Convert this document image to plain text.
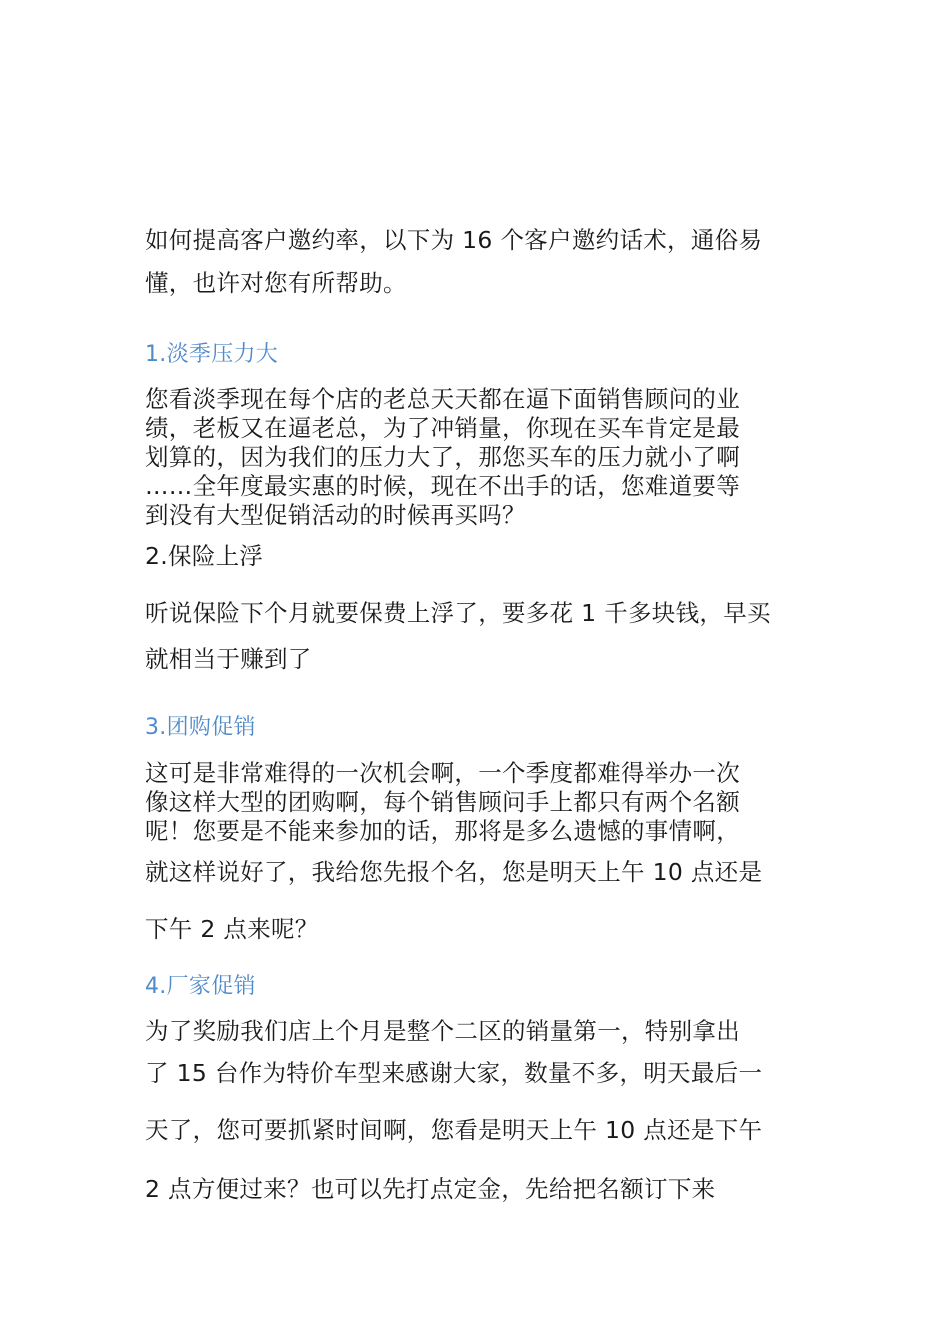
如何提高客户邀约率，以下为 16 个客户邀约话术，通俗易

懂，也许对您有所帮助。

1.淡季压力大

您看淡季现在每个店的老总天天都在逼下面销售顾问的业

绩，老板又在逼老总，为了冲销量，你现在买车肯定是最

划算的，因为我们的压力大了，那您买车的压力就小了啊

……全年度最实惠的时候，现在不出手的话，您难道要等

到没有大型促销活动的时候再买吗？

2.保险上浮

听说保险下个月就要保费上浮了，要多花 1 千多块钱，早买

就相当于赚到了

3.团购促销

这可是非常难得的一次机会啊，一个季度都难得举办一次

像这样大型的团购啊，每个销售顾问手上都只有两个名额

呢！您要是不能来参加的话，那将是多么遗憾的事情啊，

就这样说好了，我给您先报个名，您是明天上午 10 点还是

下午 2 点来呢？

4.厂家促销

为了奖励我们店上个月是整个二区的销量第一，特别拿出

了 15 台作为特价车型来感谢大家，数量不多，明天最后一

天了，您可要抓紧时间啊，您看是明天上午 10 点还是下午

2 点方便过来？也可以先打点定金，先给把名额订下来
